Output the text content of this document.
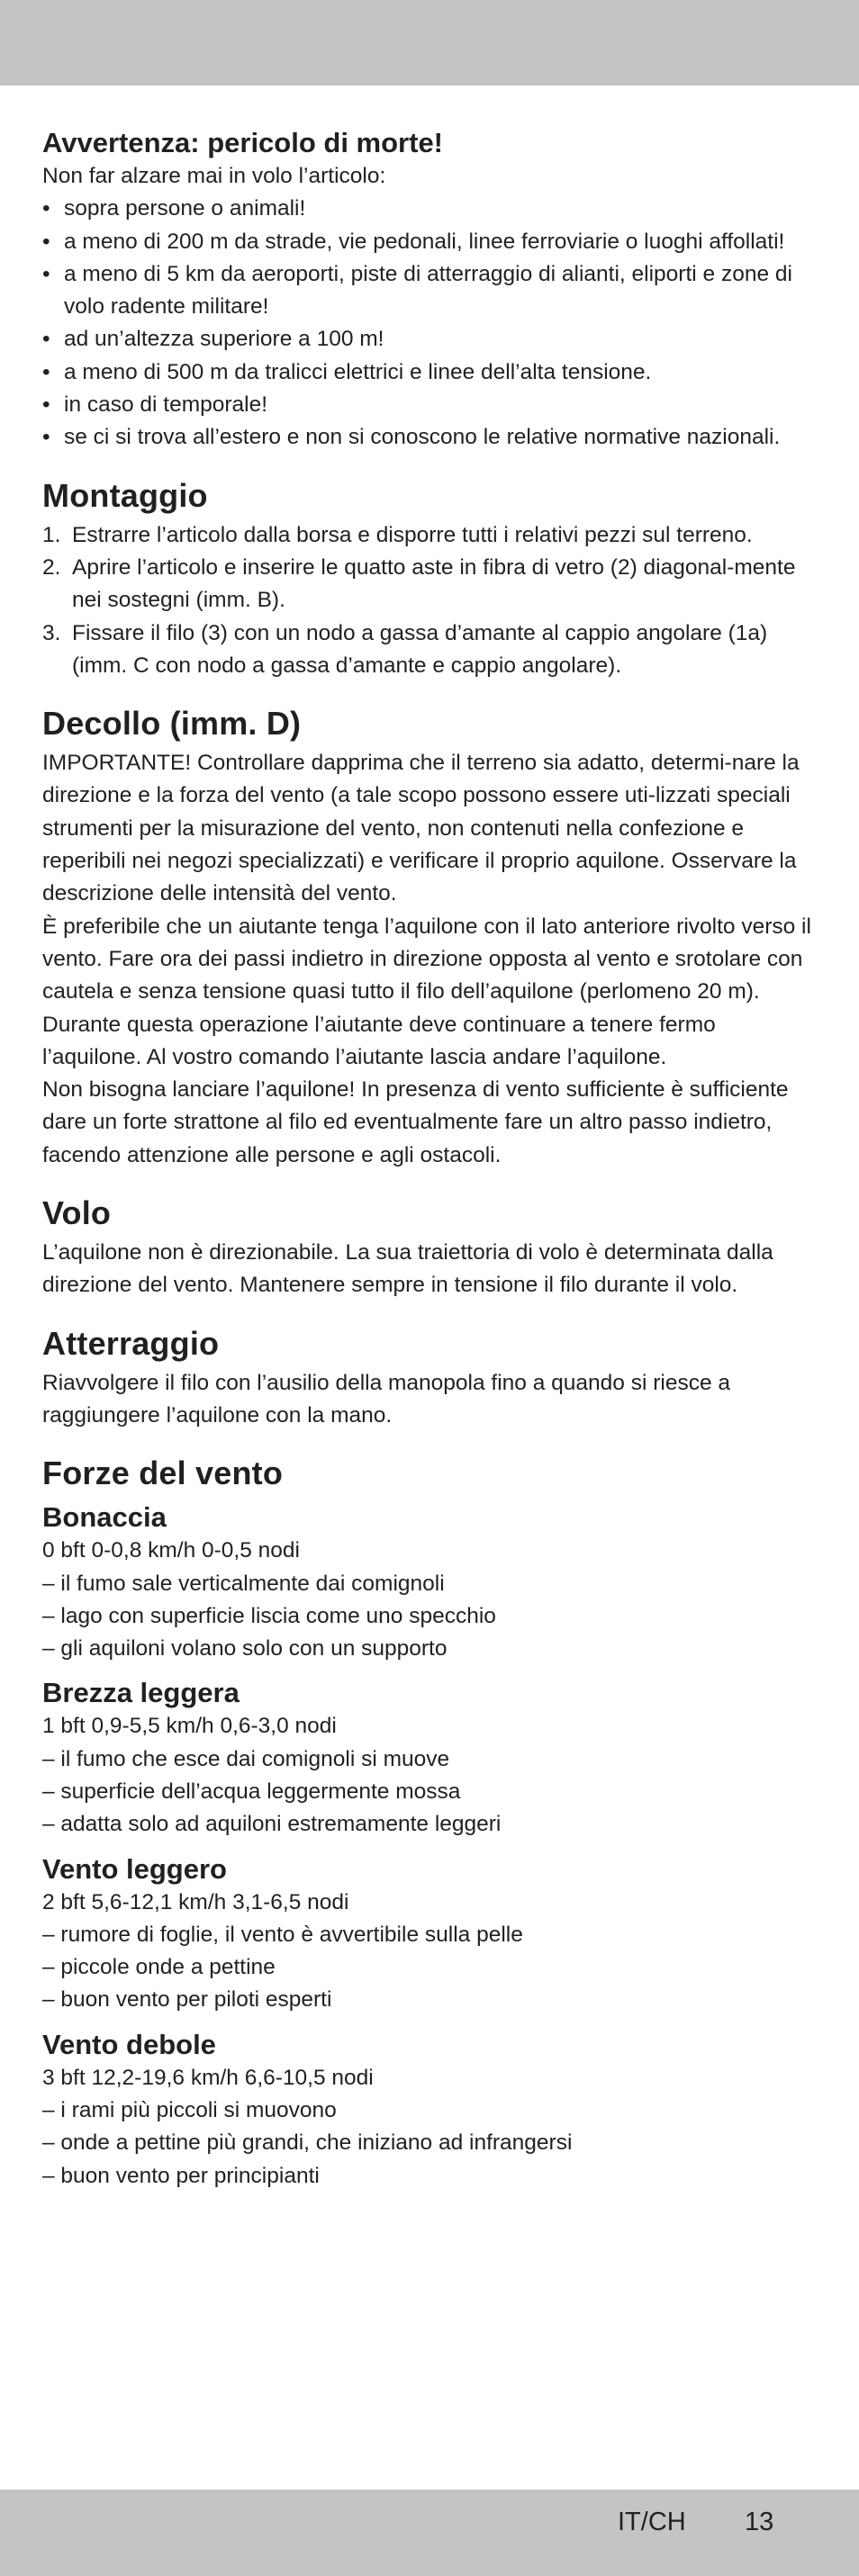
Avvertenza: pericolo di morte!

Non far alzare mai in volo l’articolo:

• sopra persone o animali!
• a meno di 200 m da strade, vie pedonali, linee ferroviarie o luoghi affollati!
• a meno di 5 km da aeroporti, piste di atterraggio di alianti, eliporti e zone di volo radente militare!
• ad un’altezza superiore a 100 m!
• a meno di 500 m da tralicci elettrici e linee dell’alta tensione.
• in caso di temporale!
• se ci si trova all’estero e non si conoscono le relative normative nazionali.
Montaggio
1. Estrarre l’articolo dalla borsa e disporre tutti i relativi pezzi sul terreno.
2. Aprire l’articolo e inserire le quatto aste in fibra di vetro (2) diagonal-mente nei sostegni (imm. B).
3. Fissare il filo (3) con un nodo a gassa d’amante al cappio angolare (1a) (imm. C con nodo a gassa d’amante e cappio angolare).
Decollo (imm. D)

IMPORTANTE! Controllare dapprima che il terreno sia adatto, determi-nare la direzione e la forza del vento (a tale scopo possono essere uti-lizzati speciali strumenti per la misurazione del vento, non contenuti nella confezione e reperibili nei negozi specializzati) e verificare il proprio aquilone. Osservare la descrizione delle intensità del vento.

È preferibile che un aiutante tenga l’aquilone con il lato anteriore rivolto verso il vento. Fare ora dei passi indietro in direzione opposta al vento e srotolare con cautela e senza tensione quasi tutto il filo dell’aquilone (perlomeno 20 m).

Durante questa operazione l’aiutante deve continuare a tenere fermo l’aquilone. Al vostro comando l’aiutante lascia andare l’aquilone.

Non bisogna lanciare l’aquilone! In presenza di vento sufficiente è sufficiente dare un forte strattone al filo ed eventualmente fare un altro passo indietro, facendo attenzione alle persone e agli ostacoli.

Volo

L’aquilone non è direzionabile. La sua traiettoria di volo è determinata dalla direzione del vento. Mantenere sempre in tensione il filo durante il volo.

Atterraggio

Riavvolgere il filo con l’ausilio della manopola fino a quando si riesce a raggiungere l’aquilone con la mano.

Forze del vento
Bonaccia

0 bft 0-0,8 km/h 0-0,5 nodi

– il fumo sale verticalmente dai comignoli
– lago con superficie liscia come uno specchio
– gli aquiloni volano solo con un supporto
Brezza leggera

1 bft 0,9-5,5 km/h 0,6-3,0 nodi

– il fumo che esce dai comignoli si muove
– superficie dell’acqua leggermente mossa
– adatta solo ad aquiloni estremamente leggeri
Vento leggero

2 bft 5,6-12,1 km/h 3,1-6,5 nodi

– rumore di foglie, il vento è avvertibile sulla pelle
– piccole onde a pettine
– buon vento per piloti esperti
Vento debole

3 bft 12,2-19,6 km/h 6,6-10,5 nodi

– i rami più piccoli si muovono
– onde a pettine più grandi, che iniziano ad infrangersi
– buon vento per principianti
IT/CH 13
